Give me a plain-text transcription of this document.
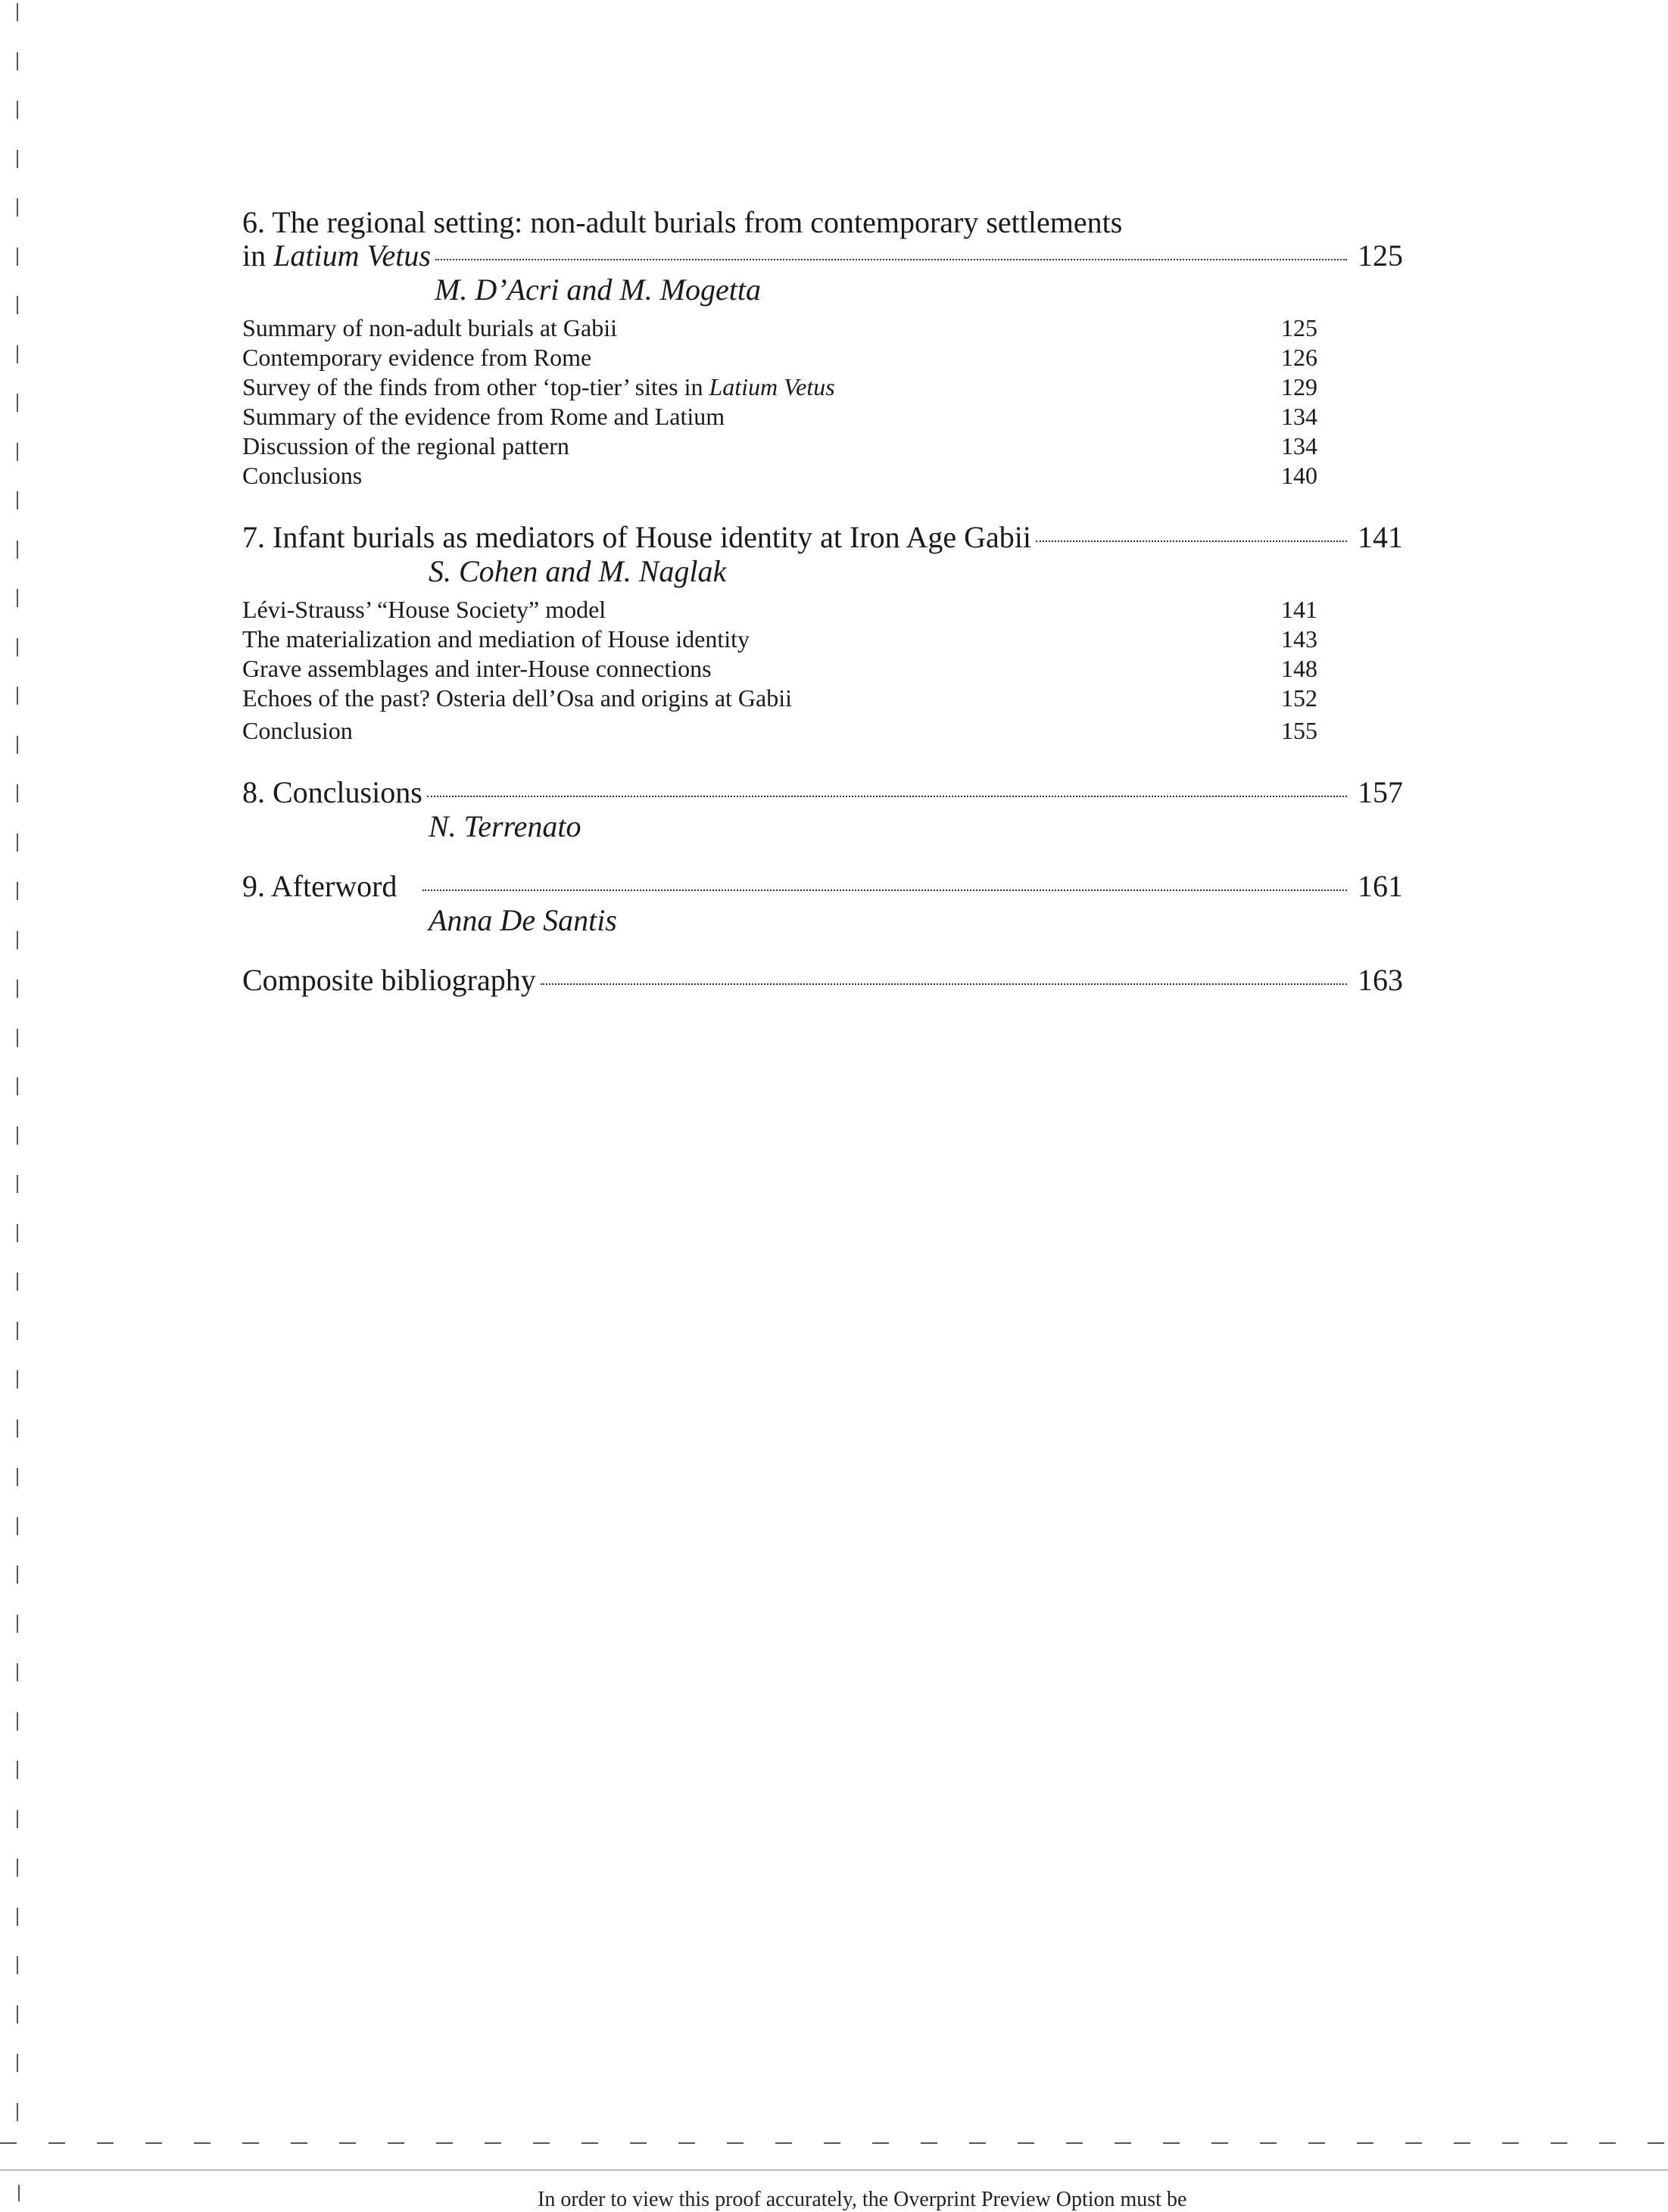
In order to view this proof accurately, the Overprint Preview Option must be
6. The regional setting: non-adult burials from contemporary settlements
in Latium Vetus	125
M. D’Acri and M. Mogetta
Summary of non-adult burials at Gabii	125
Contemporary evidence from Rome	126
Survey of the finds from other ‘top-tier’ sites in Latium Vetus	129
Summary of the evidence from Rome and Latium	134
Discussion of the regional pattern	134
Conclusions	140
7. Infant burials as mediators of House identity at Iron Age Gabii	141
S. Cohen and M. Naglak
Lévi-Strauss’ “House Society” model	141
The materialization and mediation of House identity	143
Grave assemblages and inter-House connections	148
Echoes of the past? Osteria dell’Osa and origins at Gabii	152
Conclusion	155
8. Conclusions	157
N. Terrenato
9. Afterword	161
Anna De Santis
Composite bibliography	163
